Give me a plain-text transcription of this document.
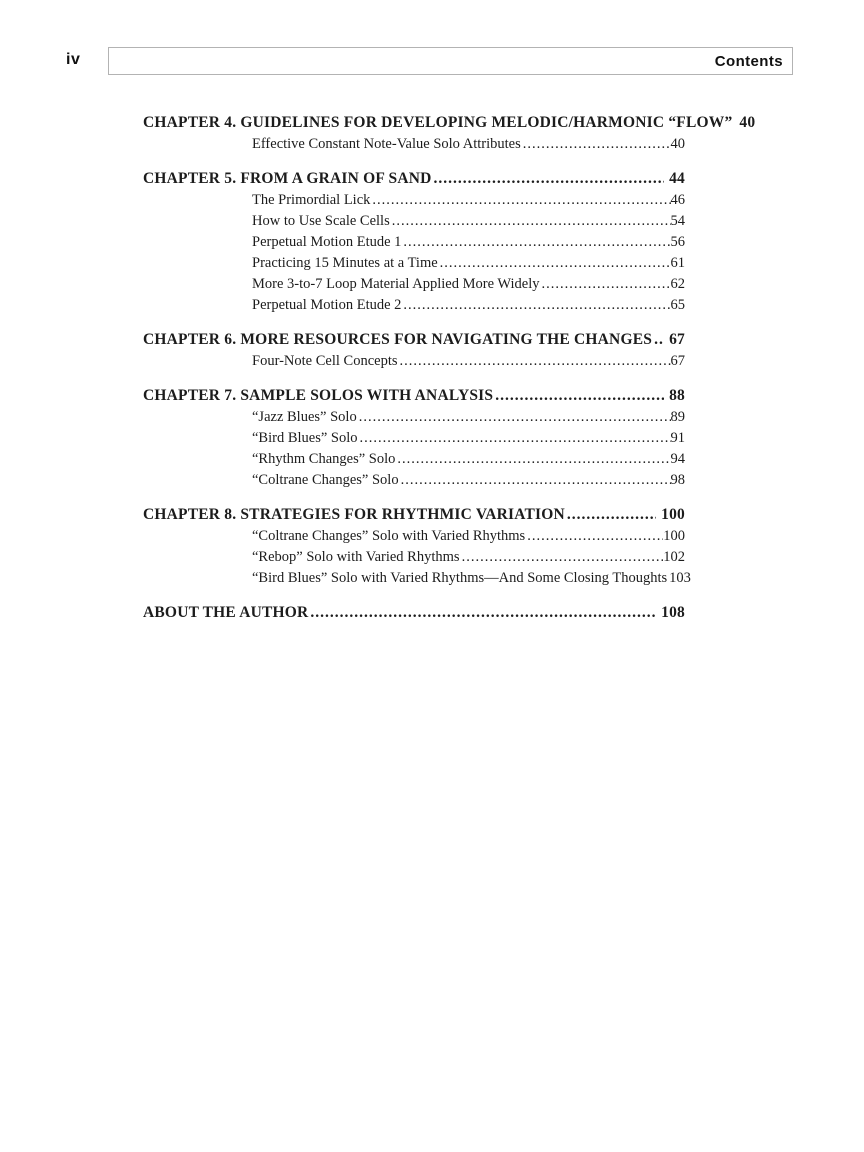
iv	Contents
CHAPTER 4. GUIDELINES FOR DEVELOPING MELODIC/HARMONIC “FLOW” 40
Effective Constant Note-Value Solo Attributes .....	40
CHAPTER 5. FROM A GRAIN OF SAND .....	44
The Primordial Lick .....	46
How to Use Scale Cells .....	54
Perpetual Motion Etude 1 .....	56
Practicing 15 Minutes at a Time .....	61
More 3-to-7 Loop Material Applied More Widely .....	62
Perpetual Motion Etude 2 .....	65
CHAPTER 6. MORE RESOURCES FOR NAVIGATING THE CHANGES ..... 67
Four-Note Cell Concepts .....	67
CHAPTER 7. SAMPLE SOLOS WITH ANALYSIS .....	88
“Jazz Blues” Solo .....	89
“Bird Blues” Solo .....	91
“Rhythm Changes” Solo .....	94
“Coltrane Changes” Solo .....	98
CHAPTER 8. STRATEGIES FOR RHYTHMIC VARIATION .....	100
“Coltrane Changes” Solo with Varied Rhythms .....	100
“Rebop” Solo with Varied Rhythms .....	102
“Bird Blues” Solo with Varied Rhythms—And Some Closing Thoughts 103
ABOUT THE AUTHOR .....	108
